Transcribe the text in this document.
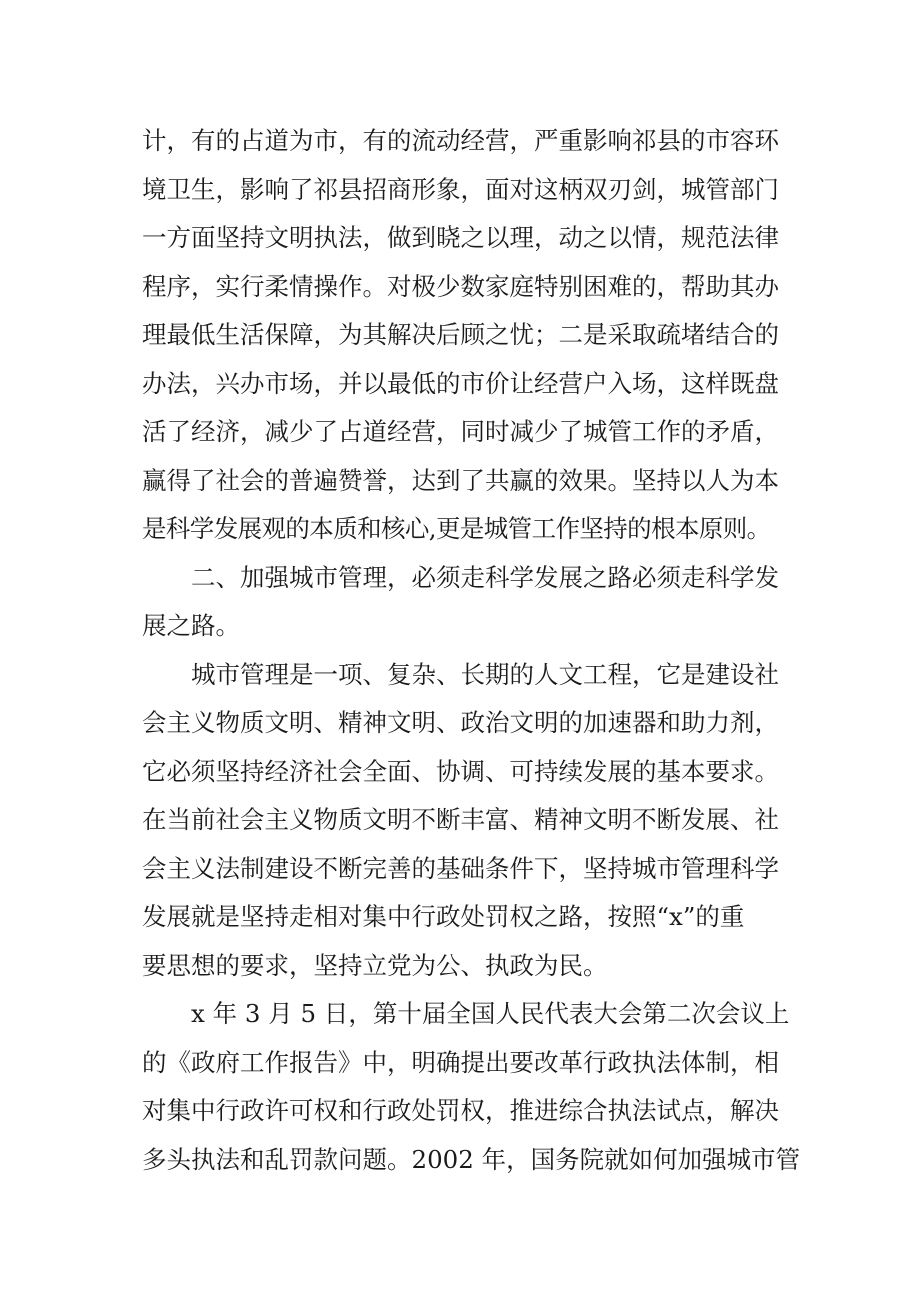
计，有的占道为市，有的流动经营，严重影响祁县的市容环
境卫生，影响了祁县招商形象，面对这柄双刃剑，城管部门
一方面坚持文明执法，做到晓之以理，动之以情，规范法律
程序，实行柔情操作。对极少数家庭特别困难的，帮助其办
理最低生活保障，为其解决后顾之忧；二是采取疏堵结合的
办法，兴办市场，并以最低的市价让经营户入场，这样既盘
活了经济，减少了占道经营，同时减少了城管工作的矛盾，
赢得了社会的普遍赞誉，达到了共赢的效果。坚持以人为本
是科学发展观的本质和核心,更是城管工作坚持的根本原则。
二、加强城市管理，必须走科学发展之路必须走科学发
展之路。
城市管理是一项、复杂、长期的人文工程，它是建设社
会主义物质文明、精神文明、政治文明的加速器和助力剂，
它必须坚持经济社会全面、协调、可持续发展的基本要求。
在当前社会主义物质文明不断丰富、精神文明不断发展、社
会主义法制建设不断完善的基础条件下，坚持城市管理科学
发展就是坚持走相对集中行政处罚权之路，按照“x”的重
要思想的要求，坚持立党为公、执政为民。
x 年 3 月 5 日，第十届全国人民代表大会第二次会议上
的《政府工作报告》中，明确提出要改革行政执法体制，相
对集中行政许可权和行政处罚权，推进综合执法试点，解决
多头执法和乱罚款问题。2002 年，国务院就如何加强城市管
